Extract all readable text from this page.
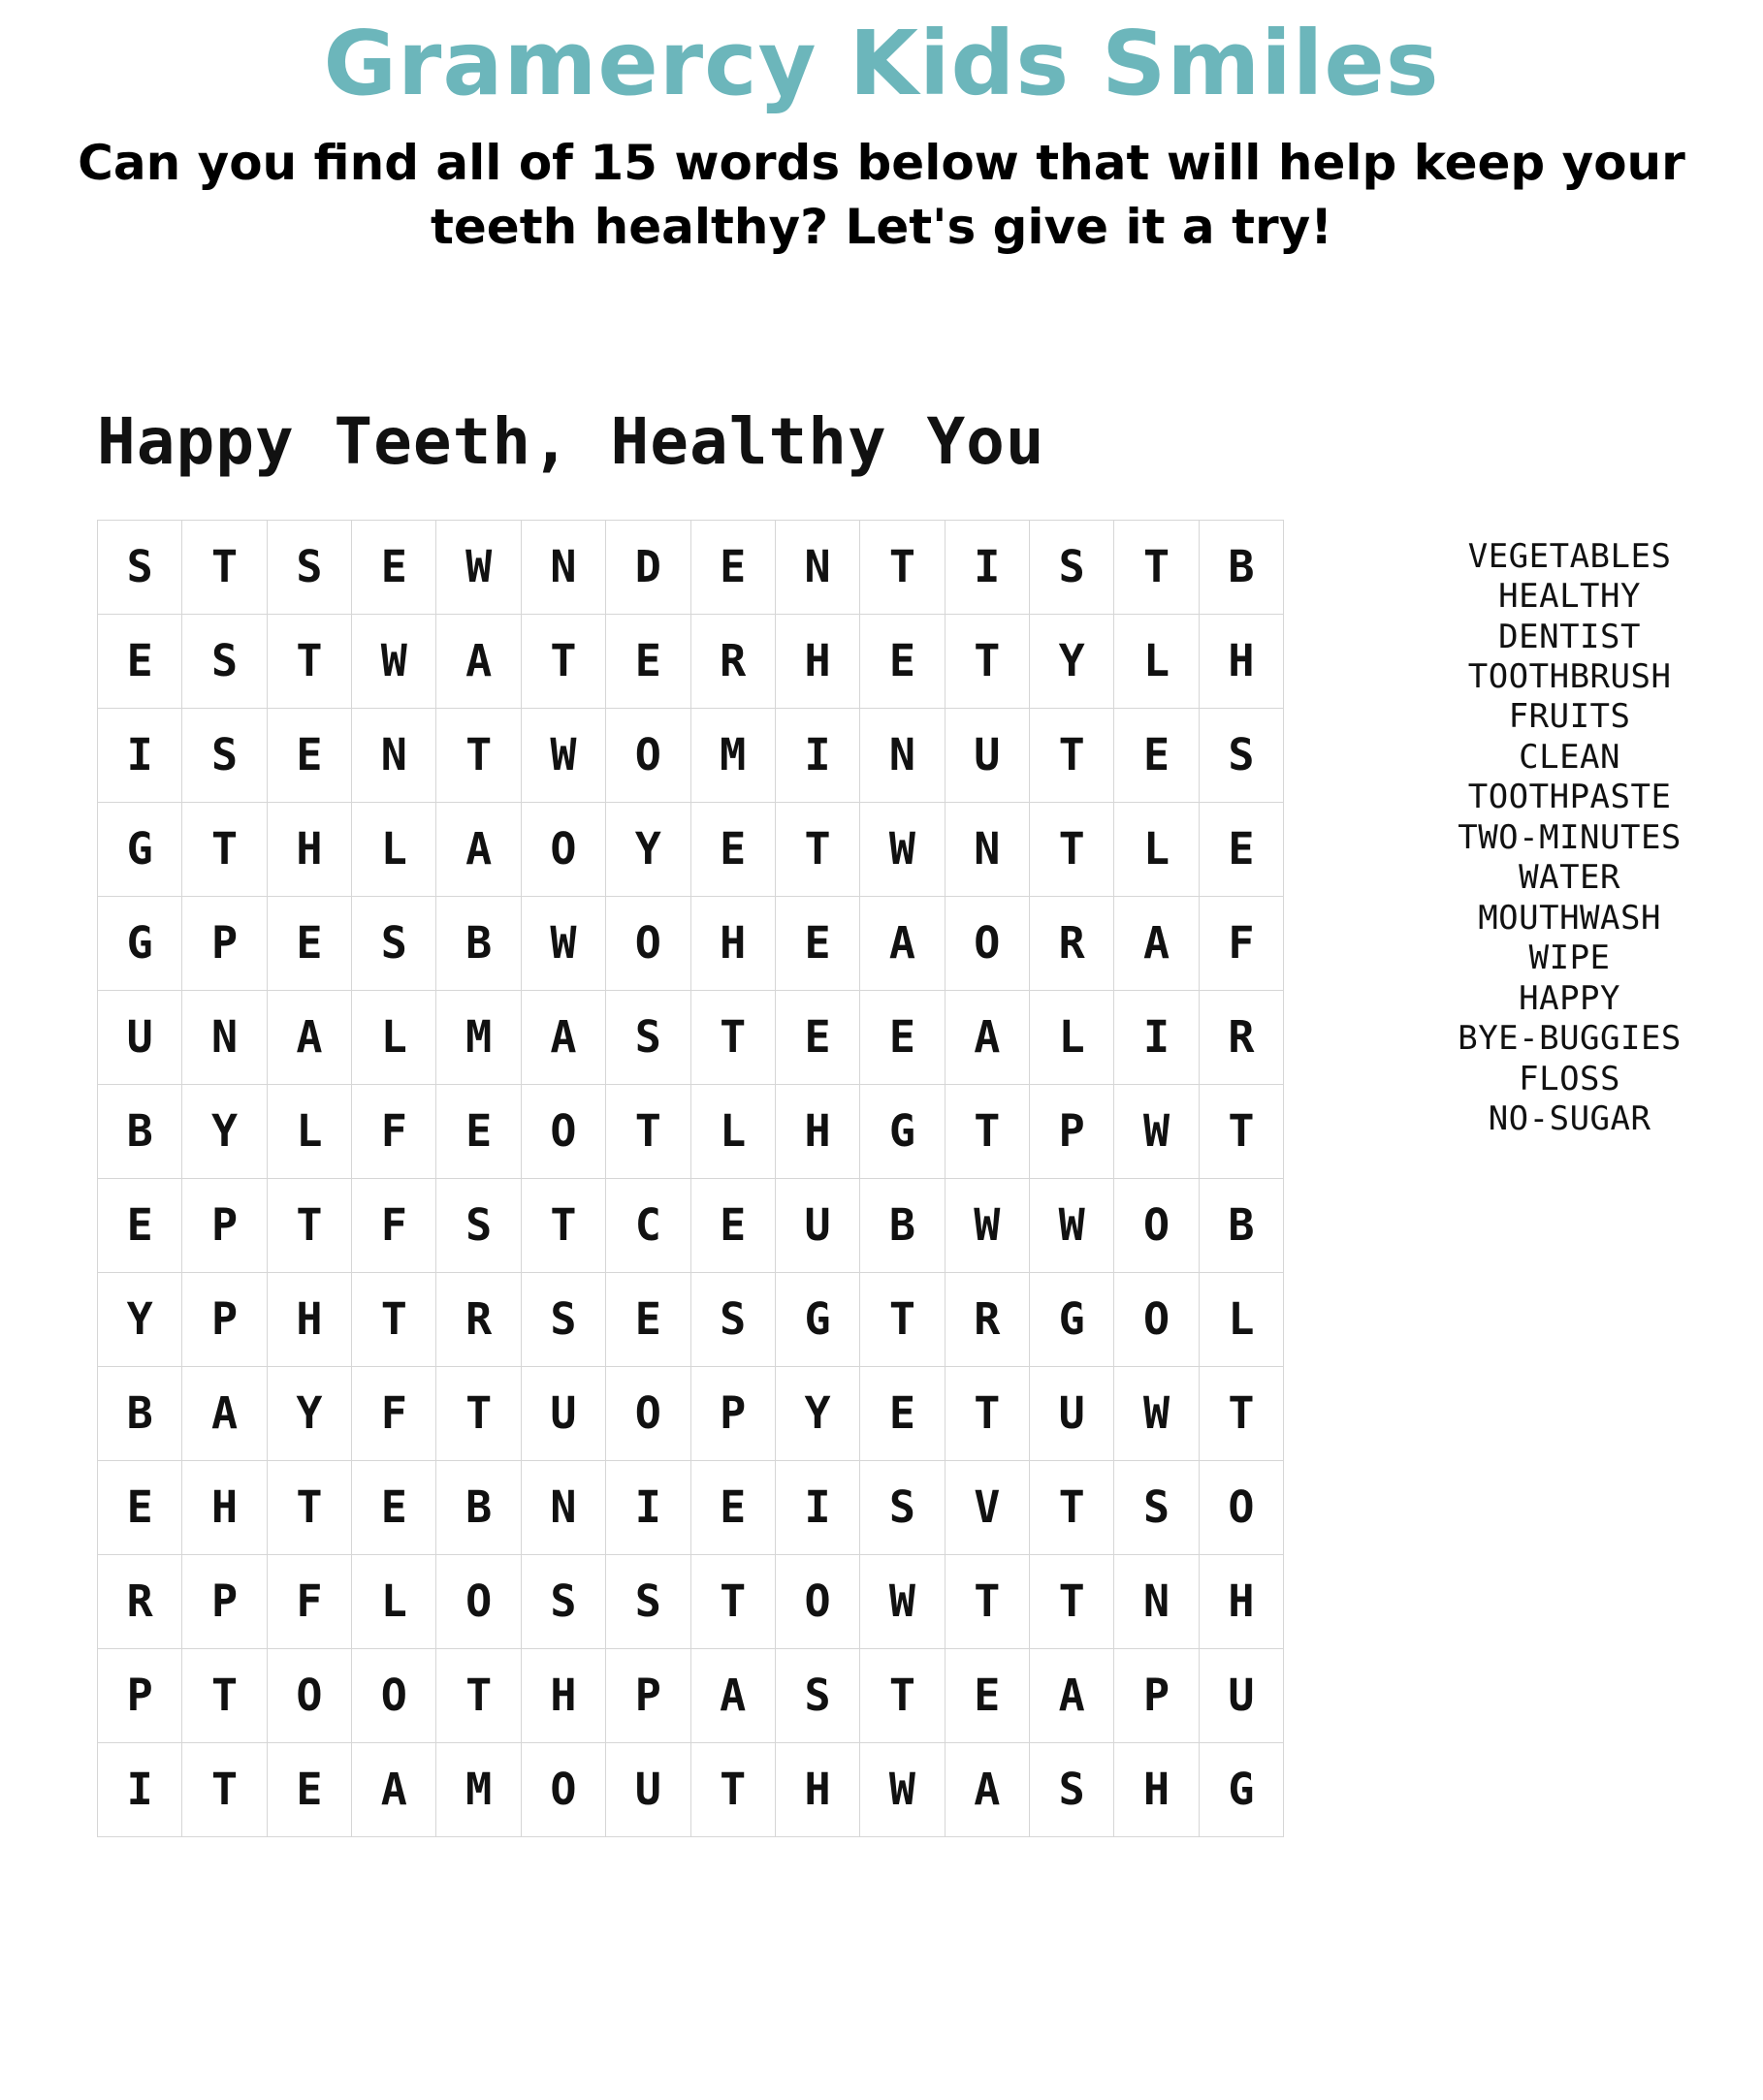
Gramercy Kids Smiles
Can you find all of 15 words below that will help keep your teeth healthy? Let's give it a try!
Happy Teeth, Healthy You
S	T	S	E	W	N	D	E	N	T	I	S	T	B
E	S	T	W	A	T	E	R	H	E	T	Y	L	H
I	S	E	N	T	W	O	M	I	N	U	T	E	S
G	T	H	L	A	O	Y	E	T	W	N	T	L	E
G	P	E	S	B	W	O	H	E	A	O	R	A	F
U	N	A	L	M	A	S	T	E	E	A	L	I	R
B	Y	L	F	E	O	T	L	H	G	T	P	W	T
E	P	T	F	S	T	C	E	U	B	W	W	O	B
Y	P	H	T	R	S	E	S	G	T	R	G	O	L
B	A	Y	F	T	U	O	P	Y	E	T	U	W	T
E	H	T	E	B	N	I	E	I	S	V	T	S	O
R	P	F	L	O	S	S	T	O	W	T	T	N	H
P	T	O	O	T	H	P	A	S	T	E	A	P	U
I	T	E	A	M	O	U	T	H	W	A	S	H	G
VEGETABLES
HEALTHY
DENTIST
TOOTHBRUSH
FRUITS
CLEAN
TOOTHPASTE
TWO-MINUTES
WATER
MOUTHWASH
WIPE
HAPPY
BYE-BUGGIES
FLOSS
NO-SUGAR
